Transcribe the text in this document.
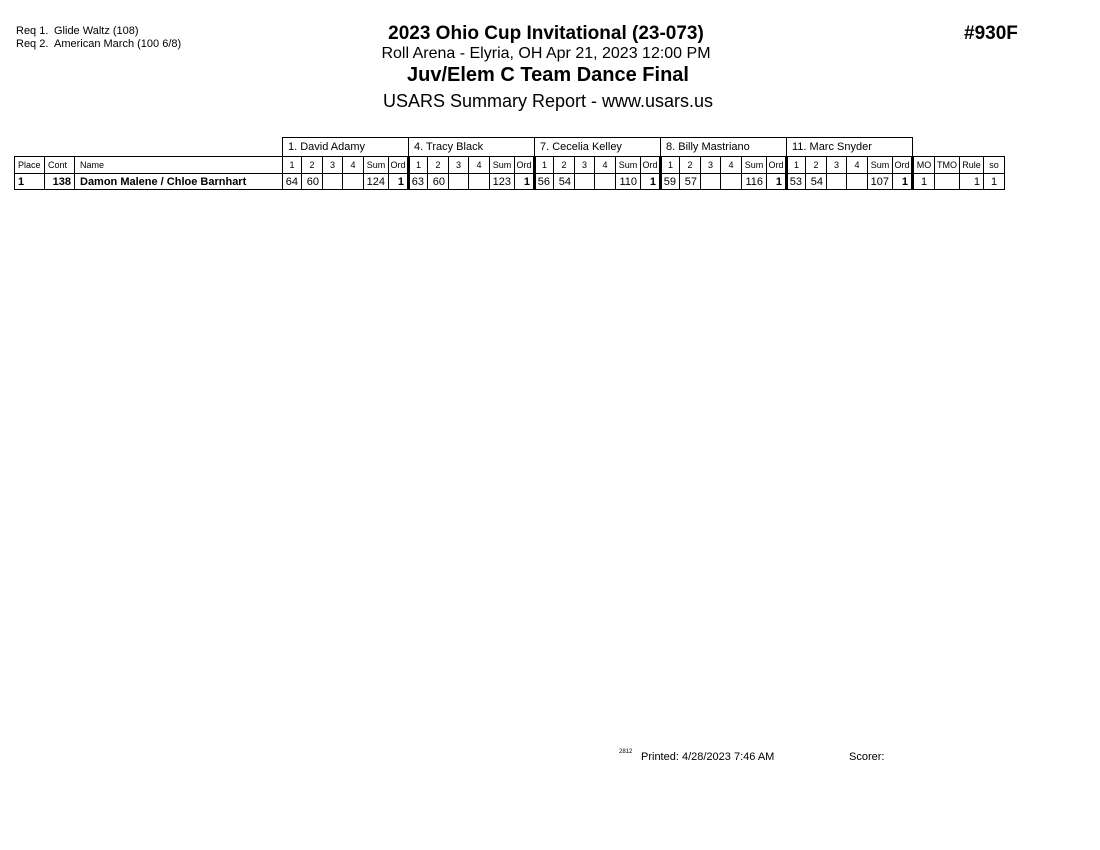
Req 1. Glide Waltz (108)
Req 2. American March (100 6/8)	2023 Ohio Cup Invitational (23-073)
Roll Arena - Elyria, OH Apr 21, 2023 12:00 PM
Juv/Elem C Team Dance Final
USARS Summary Report - www.usars.us
#930F
			1. David Adamy						4. Tracy Black						7. Cecelia Kelley						8. Billy Mastriano						11. Marc Snyder									
Place	Cont	Name	1	2	3	4	Sum	Ord	1	2	3	4	Sum	Ord	1	2	3	4	Sum	Ord	1	2	3	4	Sum	Ord	1	2	3	4	Sum	Ord	MO	TMO	Rule	so
1	138	Damon Malene / Chloe Barnhart	64	60			124	1	63	60			123	1	56	54			110	1	59	57			116	1	53	54			107	1	1		1	1
2812 Printed: 4/28/2023 7:46 AM	Scorer:
